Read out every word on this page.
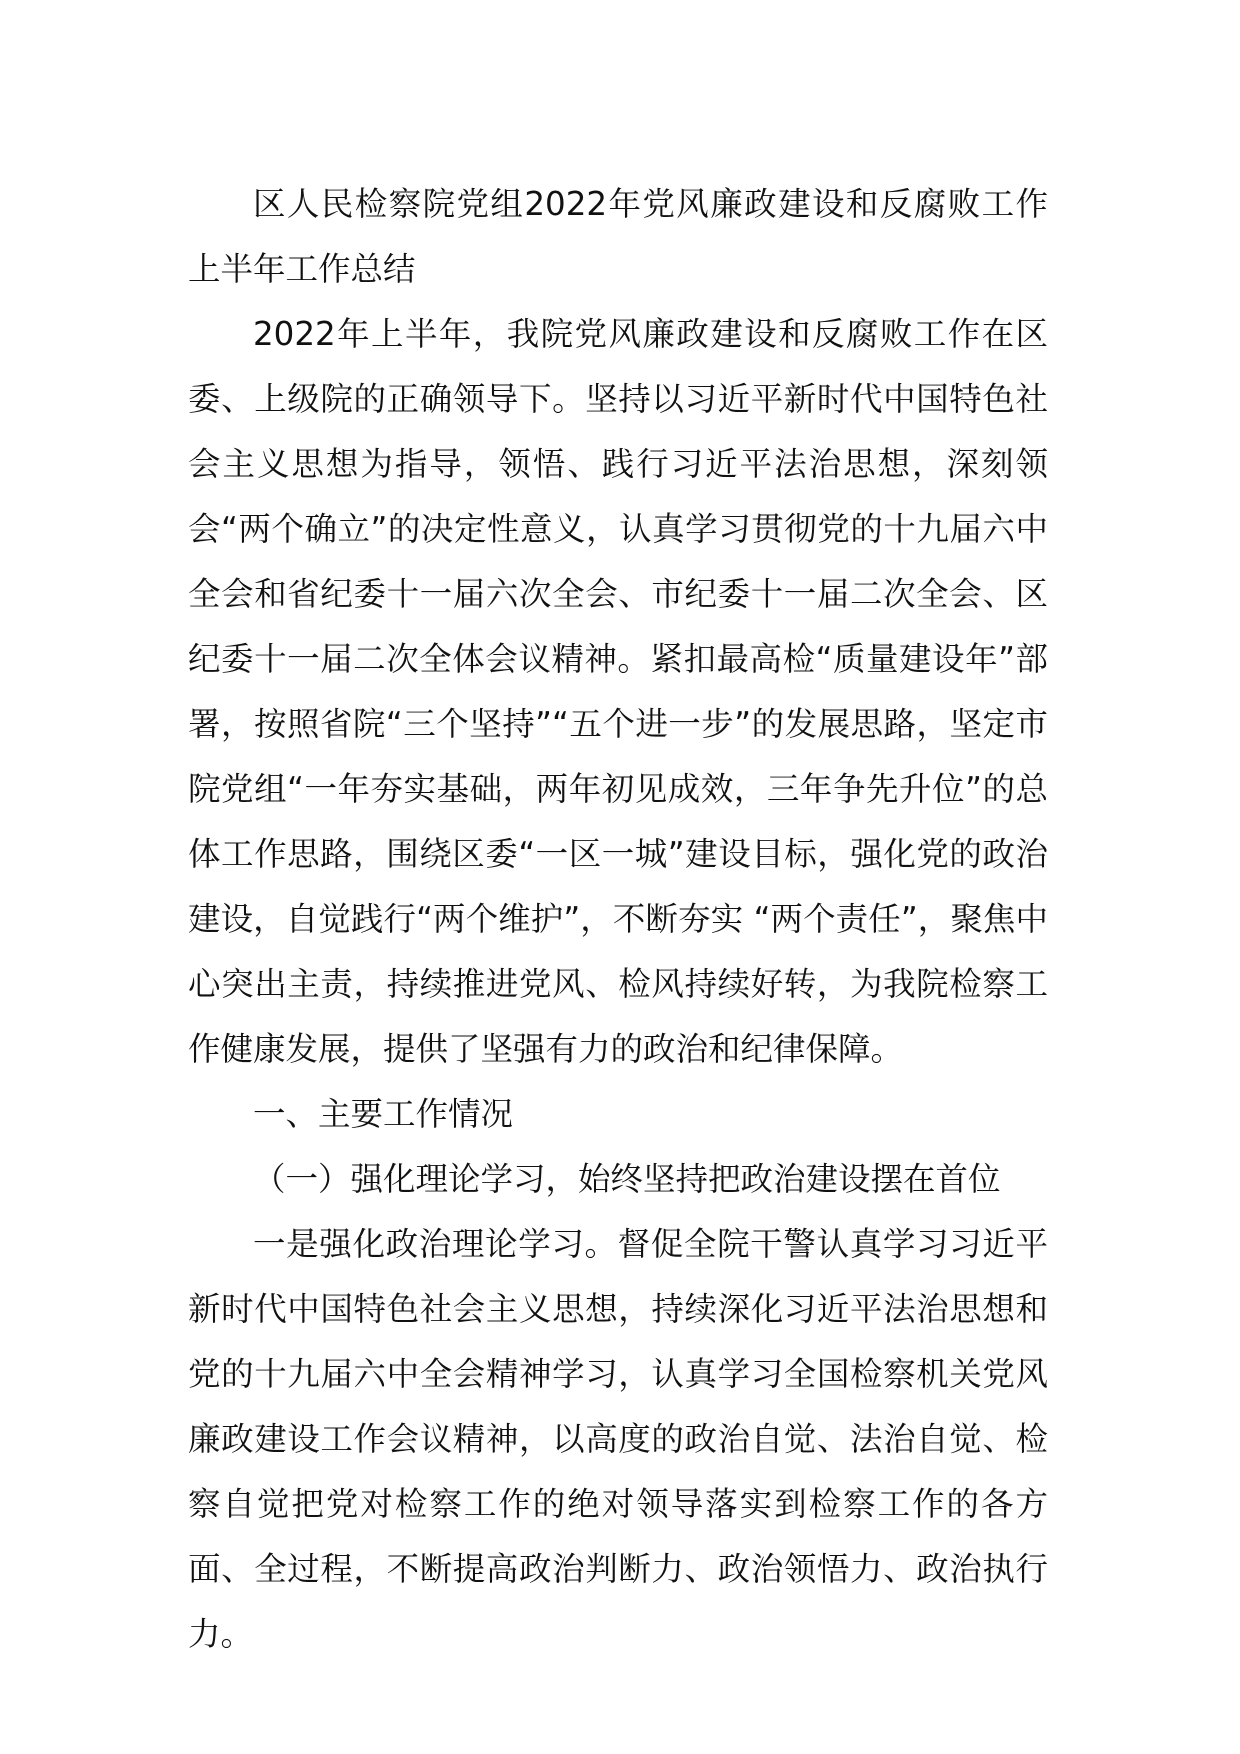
区人民检察院党组2022年党风廉政建设和反腐败工作上半年工作总结

2022年上半年，我院党风廉政建设和反腐败工作在区委、上级院的正确领导下。坚持以习近平新时代中国特色社会主义思想为指导，领悟、践行习近平法治思想，深刻领会“两个确立”的决定性意义，认真学习贯彻党的十九届六中全会和省纪委十一届六次全会、市纪委十一届二次全会、区纪委十一届二次全体会议精神。紧扣最高检“质量建设年”部署，按照省院“三个坚持”“五个进一步”的发展思路，坚定市院党组“一年夯实基础，两年初见成效，三年争先升位”的总体工作思路，围绕区委“一区一城”建设目标，强化党的政治建设，自觉践行“两个维护”，不断夯实 “两个责任”，聚焦中心突出主责，持续推进党风、检风持续好转，为我院检察工作健康发展，提供了坚强有力的政治和纪律保障。

一、主要工作情况

（一）强化理论学习，始终坚持把政治建设摆在首位

一是强化政治理论学习。督促全院干警认真学习习近平新时代中国特色社会主义思想，持续深化习近平法治思想和党的十九届六中全会精神学习，认真学习全国检察机关党风廉政建设工作会议精神，以高度的政治自觉、法治自觉、检察自觉把党对检察工作的绝对领导落实到检察工作的各方面、全过程，不断提高政治判断力、政治领悟力、政治执行力。
